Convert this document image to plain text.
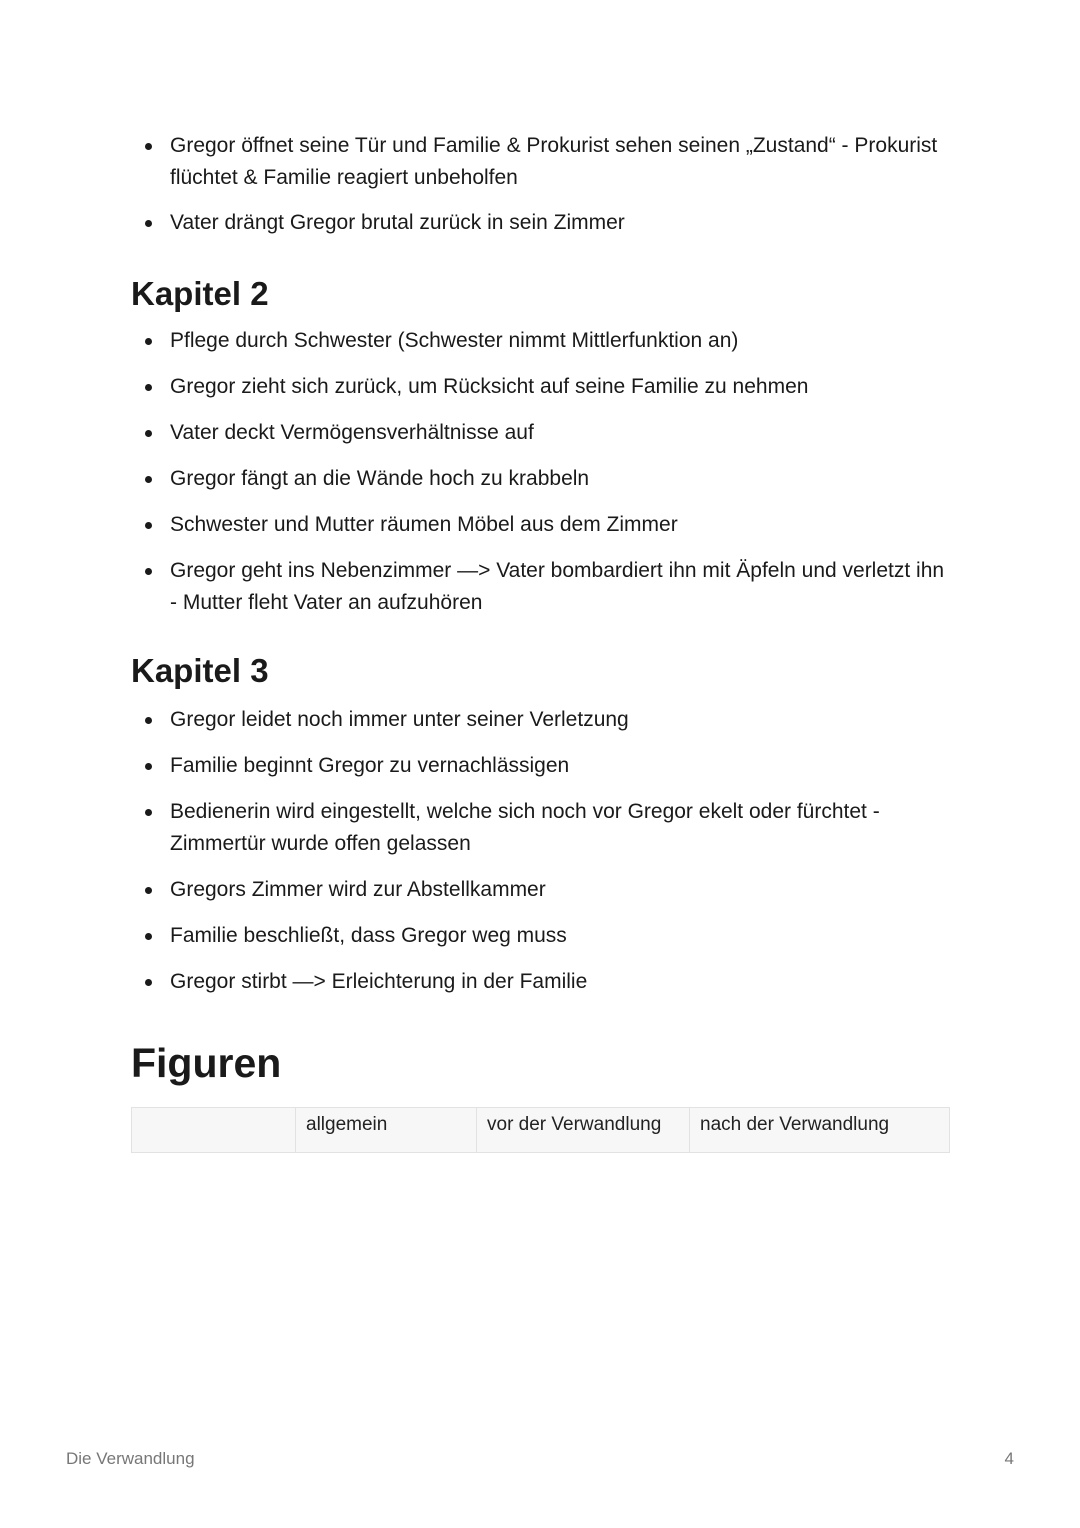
Gregor öffnet seine Tür und Familie & Prokurist sehen seinen „Zustand“ - Prokurist flüchtet & Familie reagiert unbeholfen
Vater drängt Gregor brutal zurück in sein Zimmer
Kapitel 2
Pflege durch Schwester (Schwester nimmt Mittlerfunktion an)
Gregor zieht sich zurück, um Rücksicht auf seine Familie zu nehmen
Vater deckt Vermögensverhältnisse auf
Gregor fängt an die Wände hoch zu krabbeln
Schwester und Mutter räumen Möbel aus dem Zimmer
Gregor geht ins Nebenzimmer —> Vater bombardiert ihn mit Äpfeln und verletzt ihn - Mutter fleht Vater an aufzuhören
Kapitel 3
Gregor leidet noch immer unter seiner Verletzung
Familie beginnt Gregor zu vernachlässigen
Bedienerin wird eingestellt, welche sich noch vor Gregor ekelt oder fürchtet - Zimmertür wurde offen gelassen
Gregors Zimmer wird zur Abstellkammer
Familie beschließt, dass Gregor weg muss
Gregor stirbt —> Erleichterung in der Familie
Figuren
	allgemein	vor der Verwandlung	nach der Verwandlung
Die Verwandlung	4
